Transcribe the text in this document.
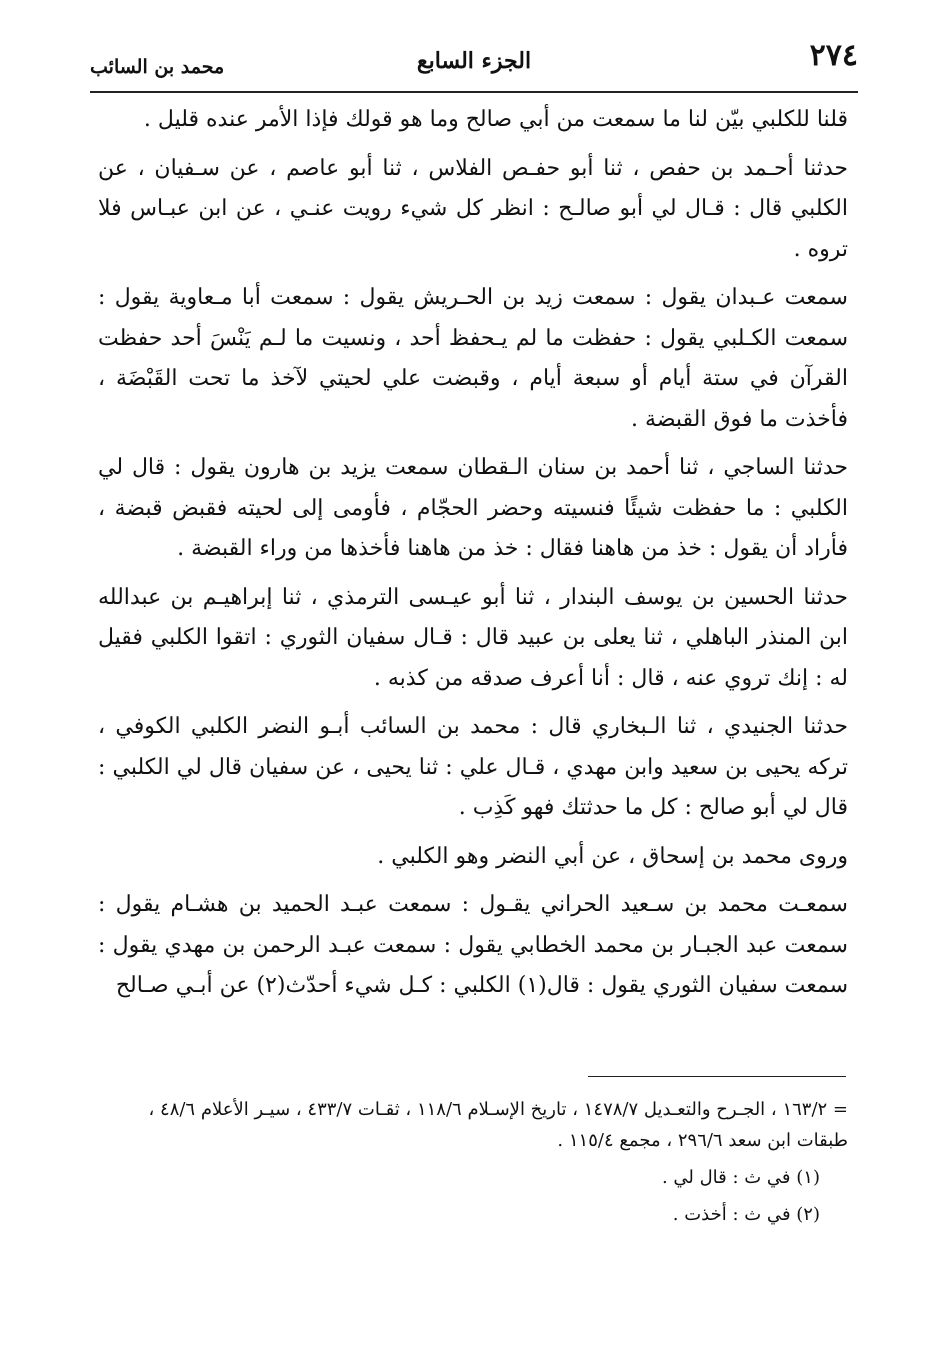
٢٧٤
الجزء السابع
محمد بن السائب

قلنا للكلبي بيّن لنا ما سمعت من أبي صالح وما هو قولك فإذا الأمر عنده قليل .

حدثنا أحـمد بن حفص ، ثنا أبو حفـص الفلاس ، ثنا أبو عاصم ، عن سـفيان ، عن الكلبي قال : قـال لي أبو صالـح : انظر كل شيء رويت عنـي ، عن ابن عبـاس فلا تروه .

سمعت عـبدان يقول : سمعت زيد بن الحـريش يقول : سمعت أبا مـعاوية يقول : سمعت الكـلبي يقول : حفظت ما لم يـحفظ أحد ، ونسيت ما لـم يَنْسَ أحد حفظت القرآن في ستة أيام أو سبعة أيام ، وقبضت علي لحيتي لآخذ ما تحت القَبْضَة ، فأخذت ما فوق القبضة .

حدثنا الساجي ، ثنا أحمد بن سنان الـقطان سمعت يزيد بن هارون يقول : قال لي الكلبي : ما حفظت شيئًا فنسيته وحضر الحجّام ، فأومى إلى لحيته فقبض قبضة ، فأراد أن يقول : خذ من هاهنا فقال : خذ من هاهنا فأخذها من وراء القبضة .

حدثنا الحسين بن يوسف البندار ، ثنا أبو عيـسى الترمذي ، ثنا إبراهيـم بن عبدالله ابن المنذر الباهلي ، ثنا يعلى بن عبيد قال : قـال سفيان الثوري : اتقوا الكلبي فقيل له : إنك تروي عنه ، قال : أنا أعرف صدقه من كذبه .

حدثنا الجنيدي ، ثنا الـبخاري قال : محمد بن السائب أبـو النضر الكلبي الكوفي ، تركه يحيى بن سعيد وابن مهدي ، قـال علي : ثنا يحيى ، عن سفيان قال لي الكلبي : قال لي أبو صالح : كل ما حدثتك فهو كَذِب .

وروى محمد بن إسحاق ، عن أبي النضر وهو الكلبي .

سمعـت محمد بن سـعيد الحراني يقـول : سمعت عبـد الحميد بن هشـام يقول : سمعت عبد الجبـار بن محمد الخطابي يقول : سمعت عبـد الرحمن بن مهدي يقول : سمعت سفيان الثوري يقول : قال(١) الكلبي : كـل شيء أحدّث(٢) عن أبـي صـالح

= ١٦٣/٢ ، الجـرح والتعـديل ١٤٧٨/٧ ، تاريخ الإسـلام ١١٨/٦ ، ثقـات ٤٣٣/٧ ، سيـر الأعلام ٤٨/٦ ، طبقات ابن سعد ٢٩٦/٦ ، مجمع ١١٥/٤ .

(١) في ث : قال لي .

(٢) في ث : أخذت .
